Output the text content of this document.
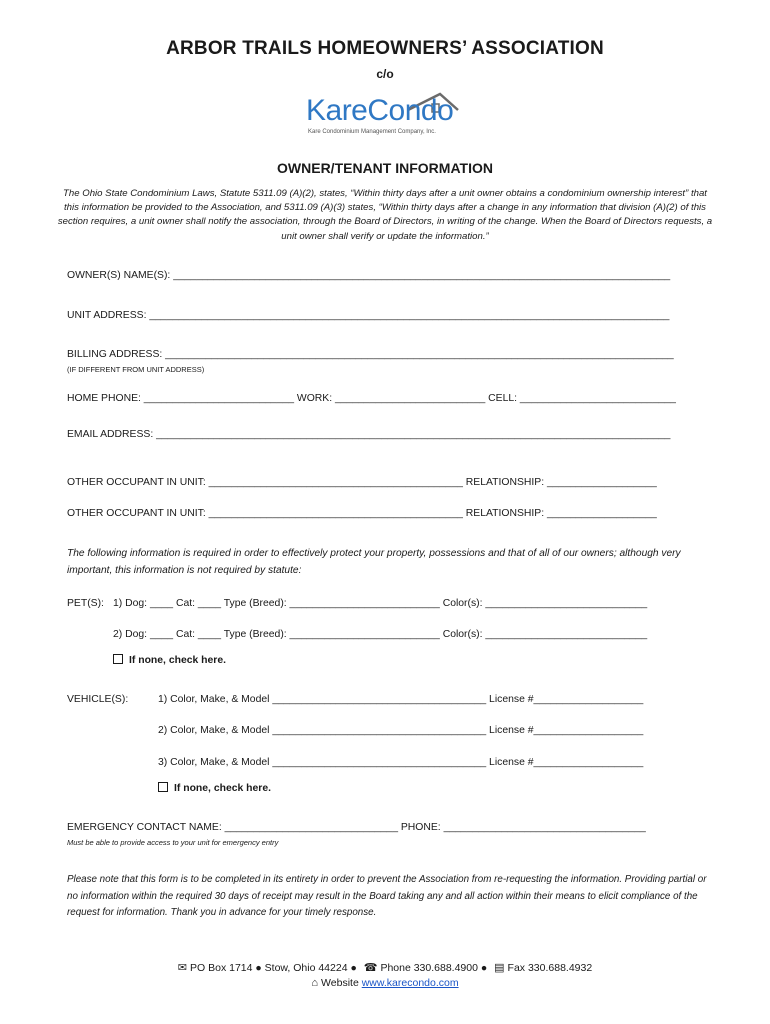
ARBOR TRAILS HOMEOWNERS’ ASSOCIATION
c/o
KareCondo
Kare Condominium Management Company, Inc.
OWNER/TENANT INFORMATION
The Ohio State Condominium Laws, Statute 5311.09 (A)(2), states, “Within thirty days after a unit owner obtains a condominium ownership interest” that this information be provided to the Association, and 5311.09 (A)(3) states, “Within thirty days after a change in any information that division (A)(2) of this section requires, a unit owner shall notify the association, through the Board of Directors, in writing of the change. When the Board of Directors requests, a unit owner shall verify or update the information.”
OWNER(S) NAME(S): ______________________________________________________________________________________
UNIT ADDRESS: __________________________________________________________________________________________
BILLING ADDRESS: ________________________________________________________________________________________
(IF DIFFERENT FROM UNIT ADDRESS)
HOME PHONE: __________________________ WORK: __________________________ CELL: ___________________________
EMAIL ADDRESS: _________________________________________________________________________________________
OTHER OCCUPANT IN UNIT: ____________________________________________ RELATIONSHIP: ___________________
OTHER OCCUPANT IN UNIT: ____________________________________________ RELATIONSHIP: ___________________
The following information is required in order to effectively protect your property, possessions and that of all of our owners; although very important, this information is not required by statute:
PET(S): 1) Dog: ____ Cat: ____ Type (Breed): __________________________ Color(s): ____________________________
2) Dog: ____ Cat: ____ Type (Breed): __________________________ Color(s): ____________________________
If none, check here.
VEHICLE(S):	1) Color, Make, & Model _____________________________________ License #___________________
2) Color, Make, & Model _____________________________________ License #___________________
3) Color, Make, & Model _____________________________________ License #___________________
If none, check here.
EMERGENCY CONTACT NAME: ______________________________ PHONE: ___________________________________
Must be able to provide access to your unit for emergency entry
Please note that this form is to be completed in its entirety in order to prevent the Association from re-requesting the information. Providing partial or no information within the required 30 days of receipt may result in the Board taking any and all action within their means to elicit compliance of the request for information. Thank you in advance for your timely response.
✉ PO Box 1714 ● Stow, Ohio 44224 ● ☎ Phone 330.688.4900 ● ▤ Fax 330.688.4932
⌂ Website www.karecondo.com
